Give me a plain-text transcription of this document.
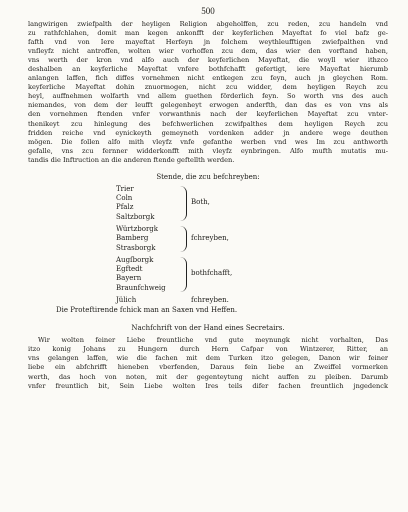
500
langwirigen zwiefpalth der heyligen Religion abgeholffen, zcu reden, zcu handeln vnd
zu rathfchlahen, domit man kegen ankonfft der keyferlichen Mayeftat fo viel bafz ge-
fafth vnd von Iere mayeftat Herfeyn jn folchem weythleufftigen zwiefpalthen vnd
vnfleyfz nicht antroffen, wolten wier vorhoffen zcu dem, das wier den vorftand haben,
vns werth der kron vnd alfo auch der keyferlichen Mayeftat, die woyll wier ithzco
deshalben an keyferliche Mayeftat vnfere bothfchafft gefertigt, iere Mayeftat hierumb
anlangen laffen, fich diffes vornehmen nicht entkegen zcu feyn, auch jn gleychen Rom.
keyferliche Mayeftat dohin znuormogen, nicht zcu widder, dem heyligen Reych zcu
heyl, auffnehmen wolfarth vnd allem guethen förderlich feyn. So worth vns des auch
niemandes, von dem der leufft gelegenheyt erwogen anderfth, dan das es von vns als
den vornehmen ftenden vnfer vorwanthnis nach der keyferlichen Mayeftat zcu vnter-
thenikeyt zcu hinlegung des befchwerlichen zcwifpalthes dem heyligen Reych zcu
fridden reiche vnd eynickeyth gemeyneth vordenken adder jn andere wege deuthen
mögen. Die follen alfo mith vleyfz vnfe gefanthe werben vnd wes Im zcu anthworth
gefalle, vns zcu fernner widderkonfft mith vleyfz eynbringen. Alfo mufth mutatis mu-
tandis die Inftruction an die anderen ftende geftellth werden.
Stende, die zcu befchreyben:
Trier
Coln
Pfalz
Saltzborgk
Both,
Würtzborgk
Bamberg
Strasborgk
fchreyben,
Augſborgk
Egftedt
Bayern
Braunfchweig
bothfchafft,
Jülich	fchreyben.
Die Proteftirende fchick man an Saxen vnd Heffen.
Nachfchrift von der Hand eines Secretairs.
Wir wolten feiner Liebe freuntliche vnd gute meynungk nicht vorhalten, Das
itzo konig Johans zu Hungern durch Hern Cafpar von Wintzerer, Ritter, an
vns gelangen laffen, wie die fachen mit dem Turken itzo gelegen, Danon wir feiner
liebe ein abfchrifft hieneben vberfenden, Daraus fein liebe an Zweiffel vormerken
werth, das hoch von noten, mit der gegenteytung nicht auffen zu pleiben. Darumb
vnfer freuntlich bit, Sein Liebe wolten Ires teils difer fachen freuntlich jngedenck
